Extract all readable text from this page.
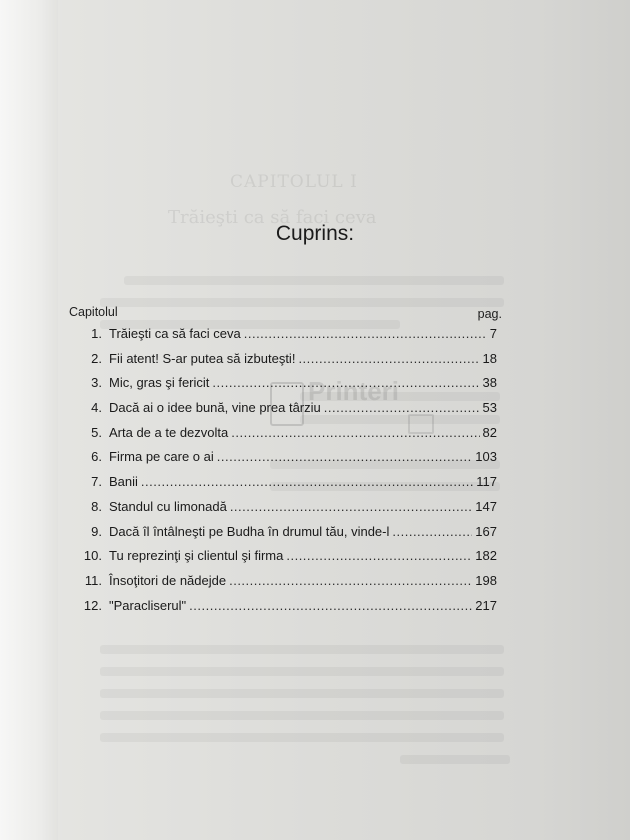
CAPITOLUL I
Trăieşti ca să faci ceva
Printeri
Cuprins:
Capitolul	pag.
1. Trăieşti ca să faci ceva .....	7
2. Fii atent! S-ar putea să izbuteşti! .....	18
3. Mic, gras şi fericit .....	38
4. Dacă ai o idee bună, vine prea târziu .....	53
5. Arta de a te dezvolta .....	82
6. Firma pe care o ai .....	103
7. Banii .....	117
8. Standul cu limonadă .....	147
9. Dacă îl întâlneşti pe Budha în drumul tău, vinde-l .....	167
10. Tu reprezinţi şi clientul şi firma .....	182
11. Însoţitori de nădejde .....	198
12. "Paracliserul" .....	217
